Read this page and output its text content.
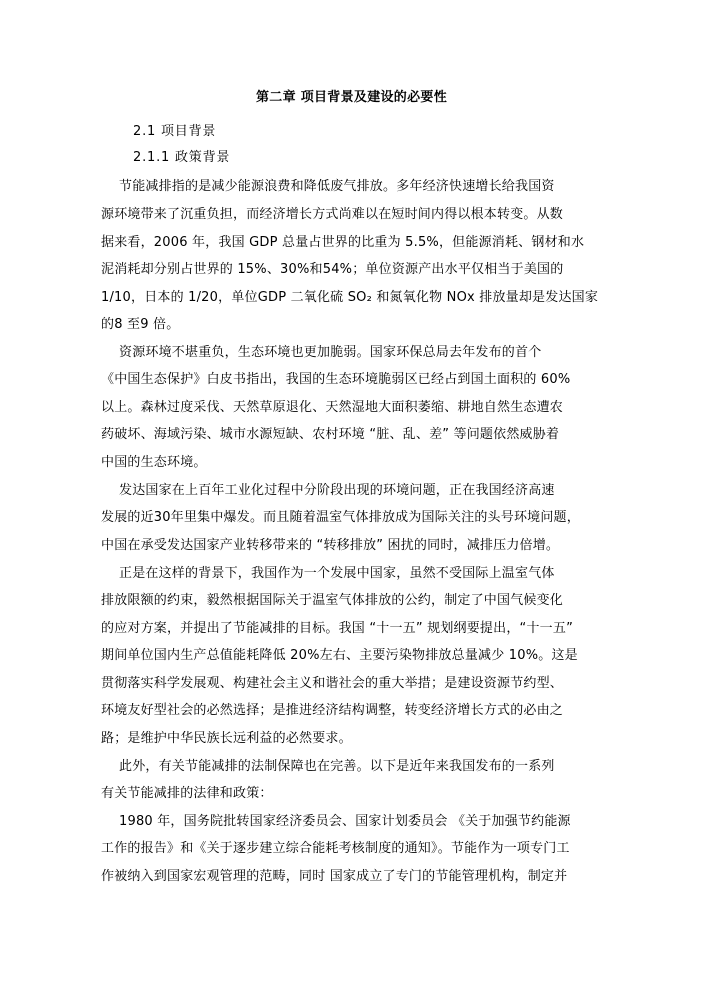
第二章 项目背景及建设的必要性
2.1 项目背景
2.1.1 政策背景
节能减排指的是减少能源浪费和降低废气排放。多年经济快速增长给我国资
源环境带来了沉重负担，而经济增长方式尚难以在短时间内得以根本转变。从数
据来看，2006 年，我国 GDP 总量占世界的比重为 5.5%，但能源消耗、钢材和水
泥消耗却分别占世界的 15%、30%和54%；单位资源产出水平仅相当于美国的
1/10，日本的 1/20，单位GDP 二氧化硫 SO₂ 和氮氧化物 NOx 排放量却是发达国家
的8 至9 倍。
资源环境不堪重负，生态环境也更加脆弱。国家环保总局去年发布的首个
《中国生态保护》白皮书指出，我国的生态环境脆弱区已经占到国土面积的 60%
以上。森林过度采伐、天然草原退化、天然湿地大面积萎缩、耕地自然生态遭农
药破坏、海域污染、城市水源短缺、农村环境 “脏、乱、差” 等问题依然威胁着
中国的生态环境。
发达国家在上百年工业化过程中分阶段出现的环境问题，正在我国经济高速
发展的近30年里集中爆发。而且随着温室气体排放成为国际关注的头号环境问题，
中国在承受发达国家产业转移带来的 “转移排放” 困扰的同时，减排压力倍增。
正是在这样的背景下，我国作为一个发展中国家，虽然不受国际上温室气体
排放限额的约束，毅然根据国际关于温室气体排放的公约，制定了中国气候变化
的应对方案，并提出了节能减排的目标。我国 “十一五” 规划纲要提出，“十一五”
期间单位国内生产总值能耗降低 20%左右、主要污染物排放总量减少 10%。这是
贯彻落实科学发展观、构建社会主义和谐社会的重大举措；是建设资源节约型、
环境友好型社会的必然选择；是推进经济结构调整，转变经济增长方式的必由之
路；是维护中华民族长远利益的必然要求。
此外，有关节能减排的法制保障也在完善。以下是近年来我国发布的一系列
有关节能减排的法律和政策：
1980 年，国务院批转国家经济委员会、国家计划委员会 《关于加强节约能源
工作的报告》和《关于逐步建立综合能耗考核制度的通知》。节能作为一项专门工
作被纳入到国家宏观管理的范畴，同时 国家成立了专门的节能管理机构，制定并
